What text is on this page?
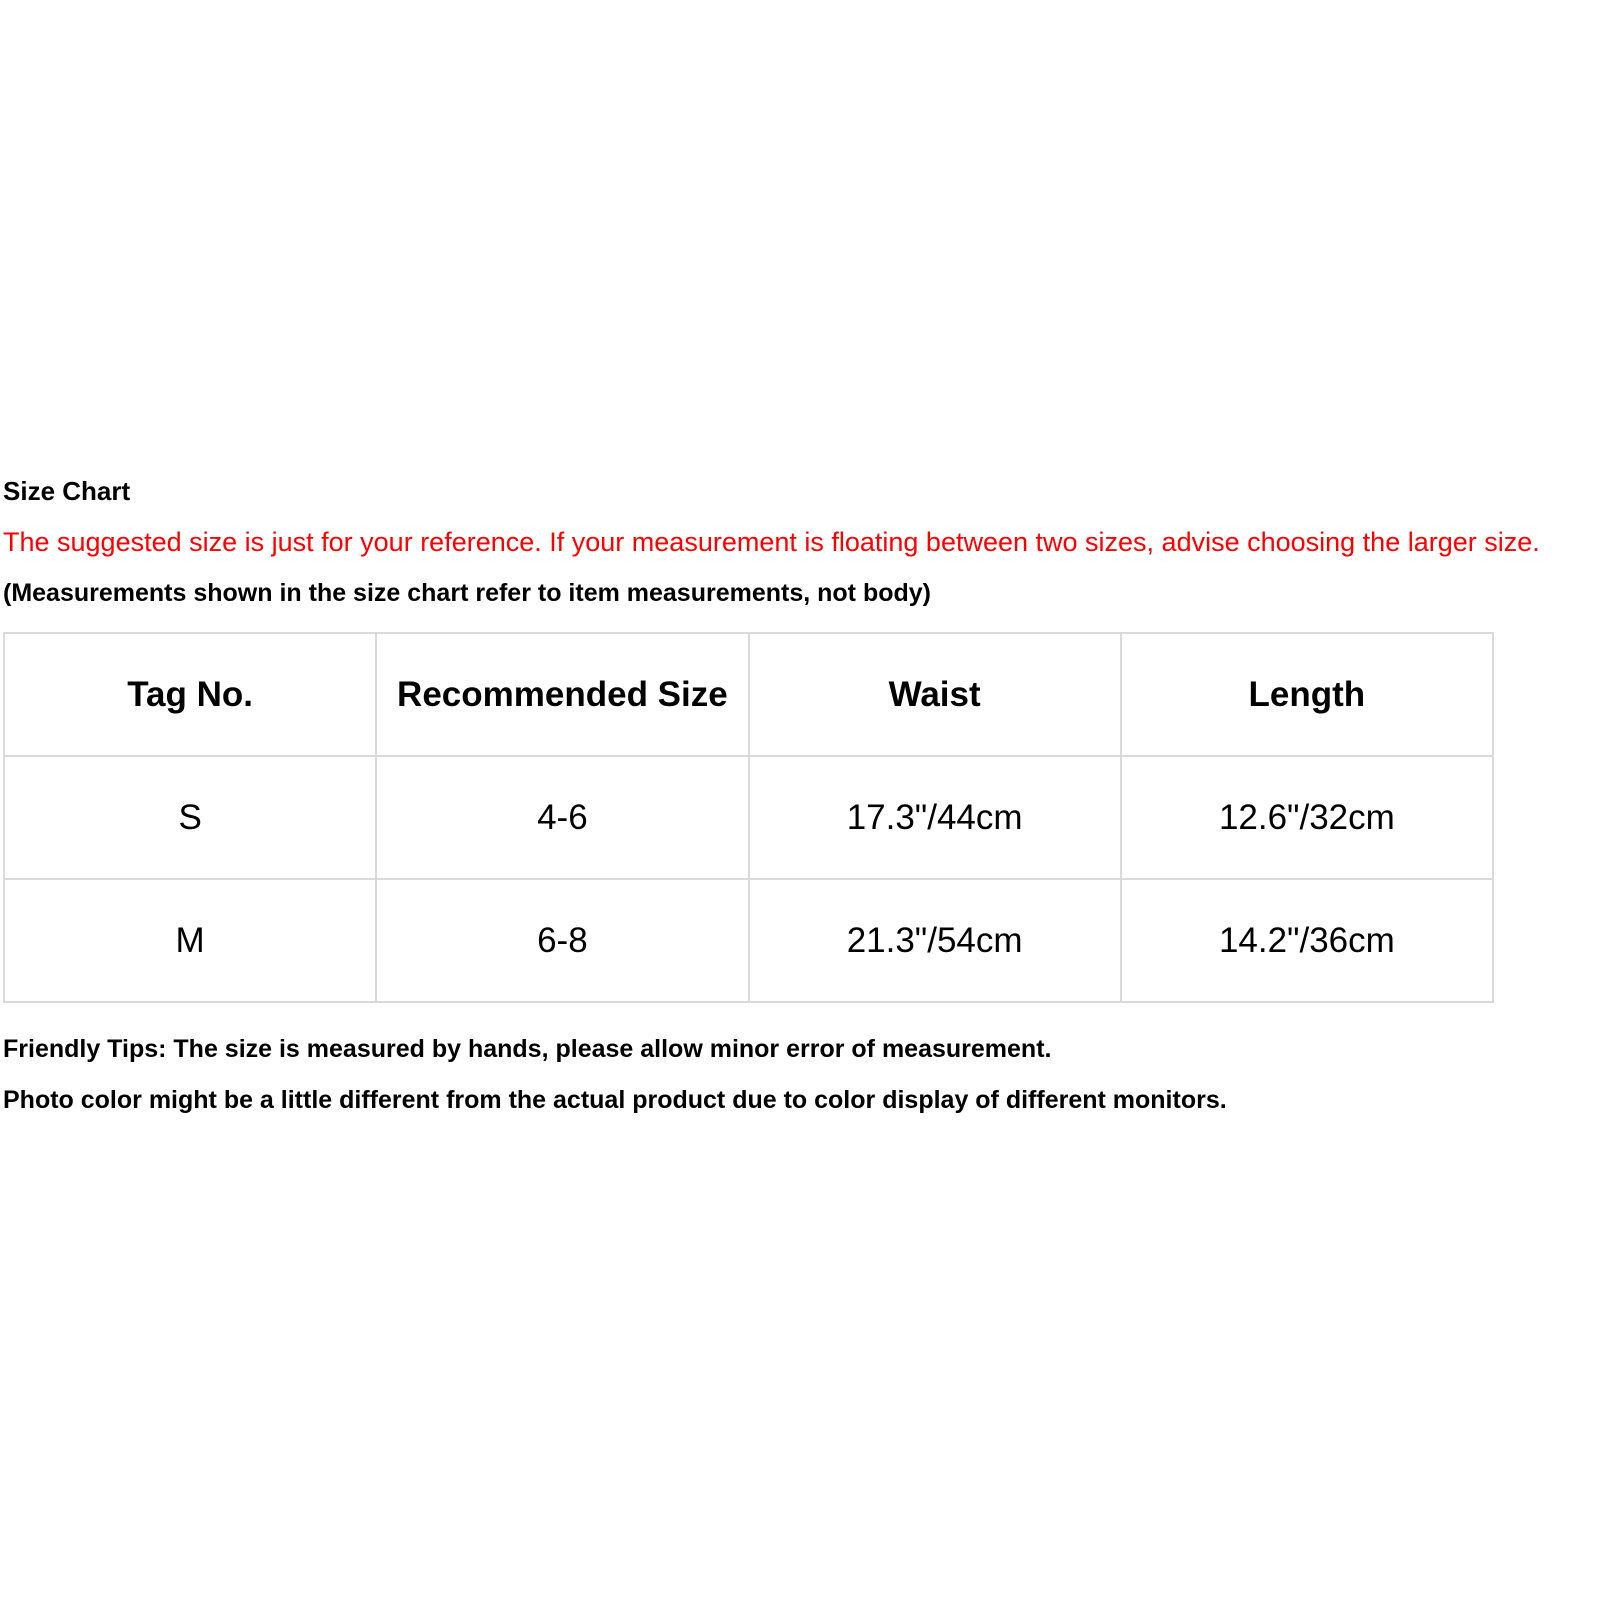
Size Chart
The suggested size is just for your reference. If your measurement is floating between two sizes, advise choosing the larger size.
(Measurements shown in the size chart refer to item measurements, not body)
Tag No.	Recommended Size	Waist	Length
S	4-6	17.3"/44cm	12.6"/32cm
M	6-8	21.3"/54cm	14.2"/36cm
Friendly Tips: The size is measured by hands, please allow minor error of measurement.
Photo color might be a little different from the actual product due to color display of different monitors.
